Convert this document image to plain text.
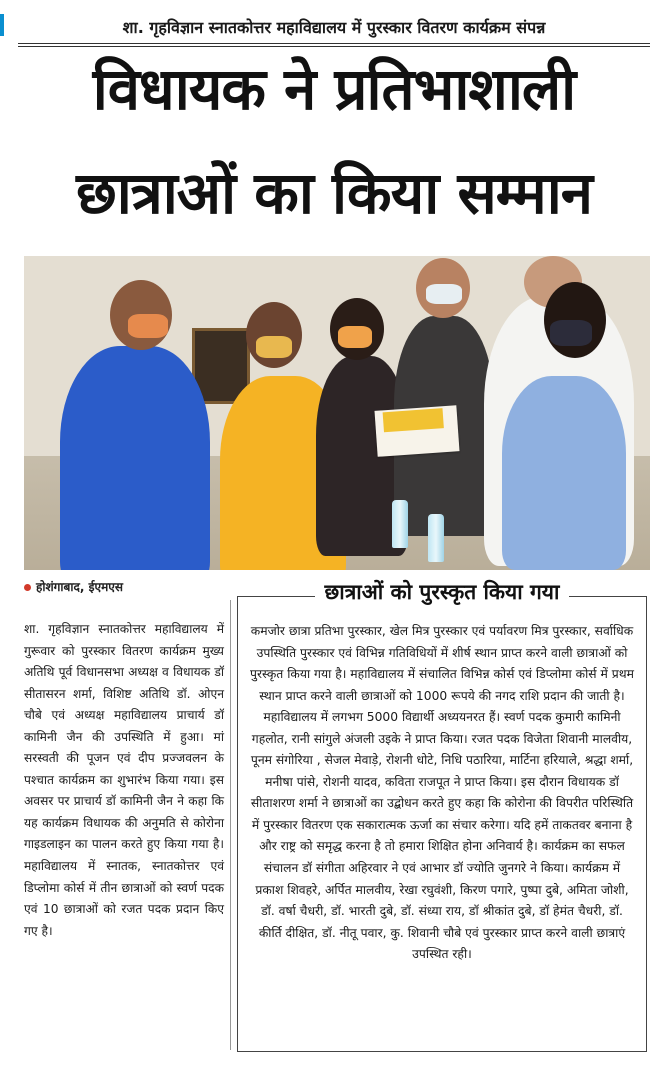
शा. गृहविज्ञान स्नातकोत्तर महाविद्यालय में पुरस्कार वितरण कार्यक्रम संपन्न
विधायक ने प्रतिभाशाली
छात्राओं का किया सम्मान
होशंगाबाद, ईएमएस
शा. गृहविज्ञान स्नातकोत्तर महाविद्यालय में गुरूवार को पुरस्कार वितरण कार्यक्रम मुख्य अतिथि पूर्व विधानसभा अध्यक्ष व विधायक डॉ सीतासरन शर्मा, विशिष्ट अतिथि डॉ. ओएन चौबे एवं अध्यक्ष महाविद्यालय प्राचार्य डॉ कामिनी जैन की उपस्थिति में हुआ। मां सरस्वती की पूजन एवं दीप प्रज्जवलन के पश्चात कार्यक्रम का शुभारंभ किया गया। इस अवसर पर प्राचार्य डॉ कामिनी जैन ने कहा कि यह कार्यक्रम विधायक की अनुमति से कोरोना गाइडलाइन का पालन करते हुए किया गया है। महाविद्यालय में स्नातक, स्नातकोत्तर एवं डिप्लोमा कोर्स में तीन छात्राओं को स्वर्ण पदक एवं 10 छात्राओं को रजत पदक प्रदान किए गए है।
छात्राओं को पुरस्कृत किया गया
कमजोर छात्रा प्रतिभा पुरस्कार, खेल मित्र पुरस्कार एवं पर्यावरण मित्र पुरस्कार, सर्वाधिक उपस्थिति पुरस्कार एवं विभिन्न गतिविधियों में शीर्ष स्थान प्राप्त करने वाली छात्राओं को पुरस्कृत किया गया है। महाविद्यालय में संचालित विभिन्न कोर्स एवं डिप्लोमा कोर्स में प्रथम स्थान प्राप्त करने वाली छात्राओं को 1000 रूपये की नगद राशि प्रदान की जाती है। महाविद्यालय में लगभग 5000 विद्यार्थी अध्ययनरत हैं। स्वर्ण पदक कुमारी कामिनी गहलोत, रानी सांगुले अंजली उइके ने प्राप्त किया। रजत पदक विजेता शिवानी मालवीय, पूनम संगोरिया , सेजल मेवाड़े, रोशनी धोटे, निधि पठारिया, मार्टिना हरियाले, श्रद्धा शर्मा, मनीषा पांसे, रोशनी यादव, कविता राजपूत ने प्राप्त किया। इस दौरान विधायक डॉ सीताशरण शर्मा ने छात्राओं का उद्बोधन करते हुए कहा कि कोरोना की विपरीत परिस्थिति में पुरस्कार वितरण एक सकारात्मक ऊर्जा का संचार करेगा। यदि हमें ताकतवर बनाना है और राष्ट्र को समृद्ध करना है तो हमारा शिक्षित होना अनिवार्य है। कार्यक्रम का सफल संचालन डॉ संगीता अहिरवार ने एवं आभार डॉ ज्योति जुनगरे ने किया। कार्यक्रम में प्रकाश शिवहरे, अर्पित मालवीय, रेखा रघुवंशी, किरण पगारे, पुष्पा दुबे, अमिता जोशी, डॉ. वर्षा चैधरी, डॉ. भारती दुबे, डॉ. संध्या राय, डॉ श्रीकांत दुबे, डॉ हेमंत चैधरी, डॉ. कीर्ति दीक्षित, डॉ. नीतू पवार, कु. शिवानी चौबे एवं पुरस्कार प्राप्त करने वाली छात्राएं उपस्थित रही।
